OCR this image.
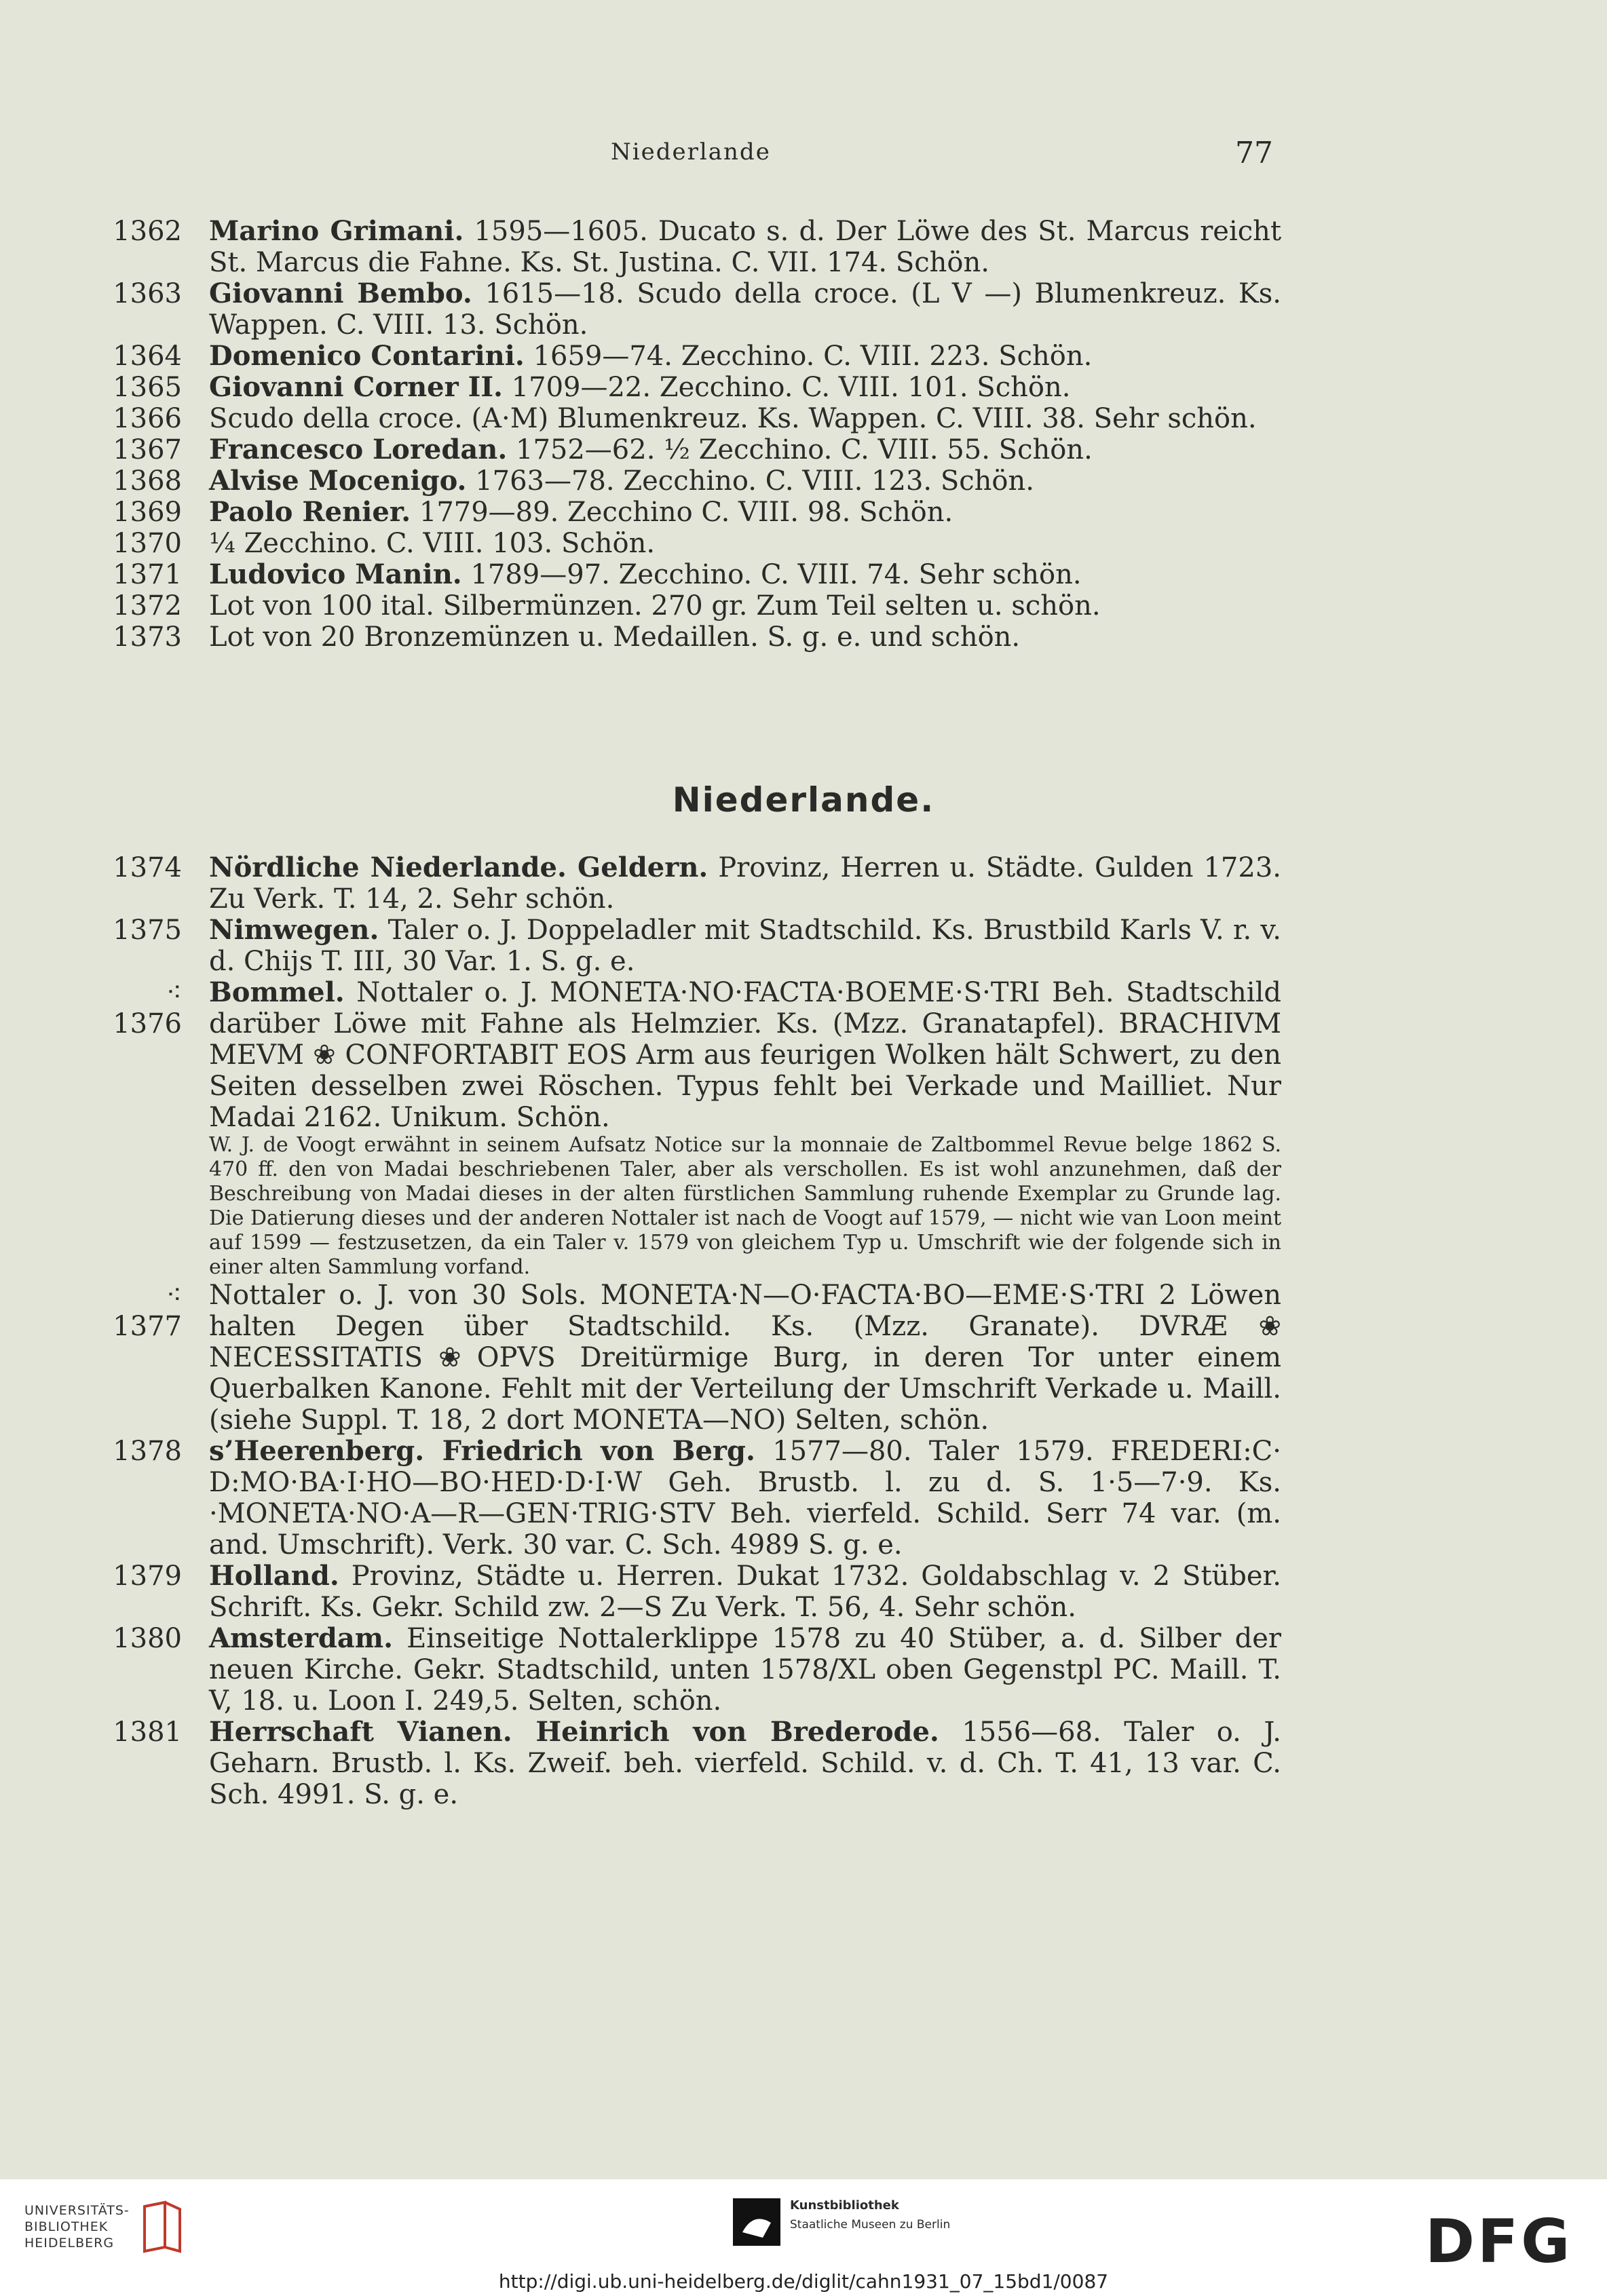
Niederlande	77
1362 Marino Grimani. 1595—1605. Ducato s. d. Der Löwe des St. Marcus reicht St. Marcus die Fahne. Ks. St. Justina. C. VII. 174. Schön.
1363 Giovanni Bembo. 1615—18. Scudo della croce. (L V —) Blumenkreuz. Ks. Wappen. C. VIII. 13. Schön.
1364 Domenico Contarini. 1659—74. Zecchino. C. VIII. 223. Schön.
1365 Giovanni Corner II. 1709—22. Zecchino. C. VIII. 101. Schön.
1366 Scudo della croce. (A·M) Blumenkreuz. Ks. Wappen. C. VIII. 38. Sehr schön.
1367 Francesco Loredan. 1752—62. ½ Zecchino. C. VIII. 55. Schön.
1368 Alvise Mocenigo. 1763—78. Zecchino. C. VIII. 123. Schön.
1369 Paolo Renier. 1779—89. Zecchino C. VIII. 98. Schön.
1370 ¼ Zecchino. C. VIII. 103. Schön.
1371 Ludovico Manin. 1789—97. Zecchino. C. VIII. 74. Sehr schön.
1372 Lot von 100 ital. Silbermünzen. 270 gr. Zum Teil selten u. schön.
1373 Lot von 20 Bronzemünzen u. Medaillen. S. g. e. und schön.
Niederlande.
1374 Nördliche Niederlande. Geldern. Provinz, Herren u. Städte. Gulden 1723. Zu Verk. T. 14, 2. Sehr schön.
1375 Nimwegen. Taler o. J. Doppeladler mit Stadtschild. Ks. Brustbild Karls V. r. v. d. Chijs T. III, 30 Var. 1. S. g. e.
⁖1376
Bommel. Nottaler o. J. MONETA·NO·FACTA·BOEME·S·TRI Beh. Stadtschild darüber Löwe mit Fahne als Helmzier. Ks. (Mzz. Granatapfel). BRACHIVM MEVM ❀ CONFORTABIT EOS Arm aus feurigen Wolken hält Schwert, zu den Seiten desselben zwei Röschen. Typus fehlt bei Verkade und Mailliet. Nur Madai 2162. Unikum. Schön.
W. J. de Voogt erwähnt in seinem Aufsatz Notice sur la monnaie de Zaltbommel Revue belge 1862 S. 470 ff. den von Madai beschriebenen Taler, aber als verschollen. Es ist wohl anzunehmen, daß der Beschreibung von Madai dieses in der alten fürstlichen Sammlung ruhende Exemplar zu Grunde lag. Die Datierung dieses und der anderen Nottaler ist nach de Voogt auf 1579, — nicht wie van Loon meint auf 1599 — festzusetzen, da ein Taler v. 1579 von gleichem Typ u. Umschrift wie der folgende sich in einer alten Sammlung vorfand.
⁖1377
Nottaler o. J. von 30 Sols. MONETA·N—O·FACTA·BO—EME·S·TRI 2 Löwen halten Degen über Stadtschild. Ks. (Mzz. Granate). DVRÆ❀ NECESSITATIS❀OPVS Dreitürmige Burg, in deren Tor unter einem Querbalken Kanone. Fehlt mit der Verteilung der Umschrift Verkade u. Maill. (siehe Suppl. T. 18, 2 dort MONETA—NO) Selten, schön.
1378 s’Heerenberg. Friedrich von Berg. 1577—80. Taler 1579. FREDERI:C· D:MO·BA·I·HO—BO·HED·D·I·W Geh. Brustb. l. zu d. S. 1·5—7·9. Ks. ·MONETA·NO·A—R—GEN·TRIG·STV Beh. vierfeld. Schild. Serr 74 var. (m. and. Umschrift). Verk. 30 var. C. Sch. 4989 S. g. e.
1379 Holland. Provinz, Städte u. Herren. Dukat 1732. Goldabschlag v. 2 Stüber. Schrift. Ks. Gekr. Schild zw. 2—S Zu Verk. T. 56, 4. Sehr schön.
1380 Amsterdam. Einseitige Nottalerklippe 1578 zu 40 Stüber, a. d. Silber der neuen Kirche. Gekr. Stadtschild, unten 1578/XL oben Gegenstpl PC. Maill. T. V, 18. u. Loon I. 249,5. Selten, schön.
1381 Herrschaft Vianen. Heinrich von Brederode. 1556—68. Taler o. J. Geharn. Brustb. l. Ks. Zweif. beh. vierfeld. Schild. v. d. Ch. T. 41, 13 var. C. Sch. 4991. S. g. e.
UNIVERSITÄTS-
BIBLIOTHEK
HEIDELBERG
Kunstbibliothek
Staatliche Museen zu Berlin	DFG
http://digi.ub.uni-heidelberg.de/diglit/cahn1931_07_15bd1/0087
